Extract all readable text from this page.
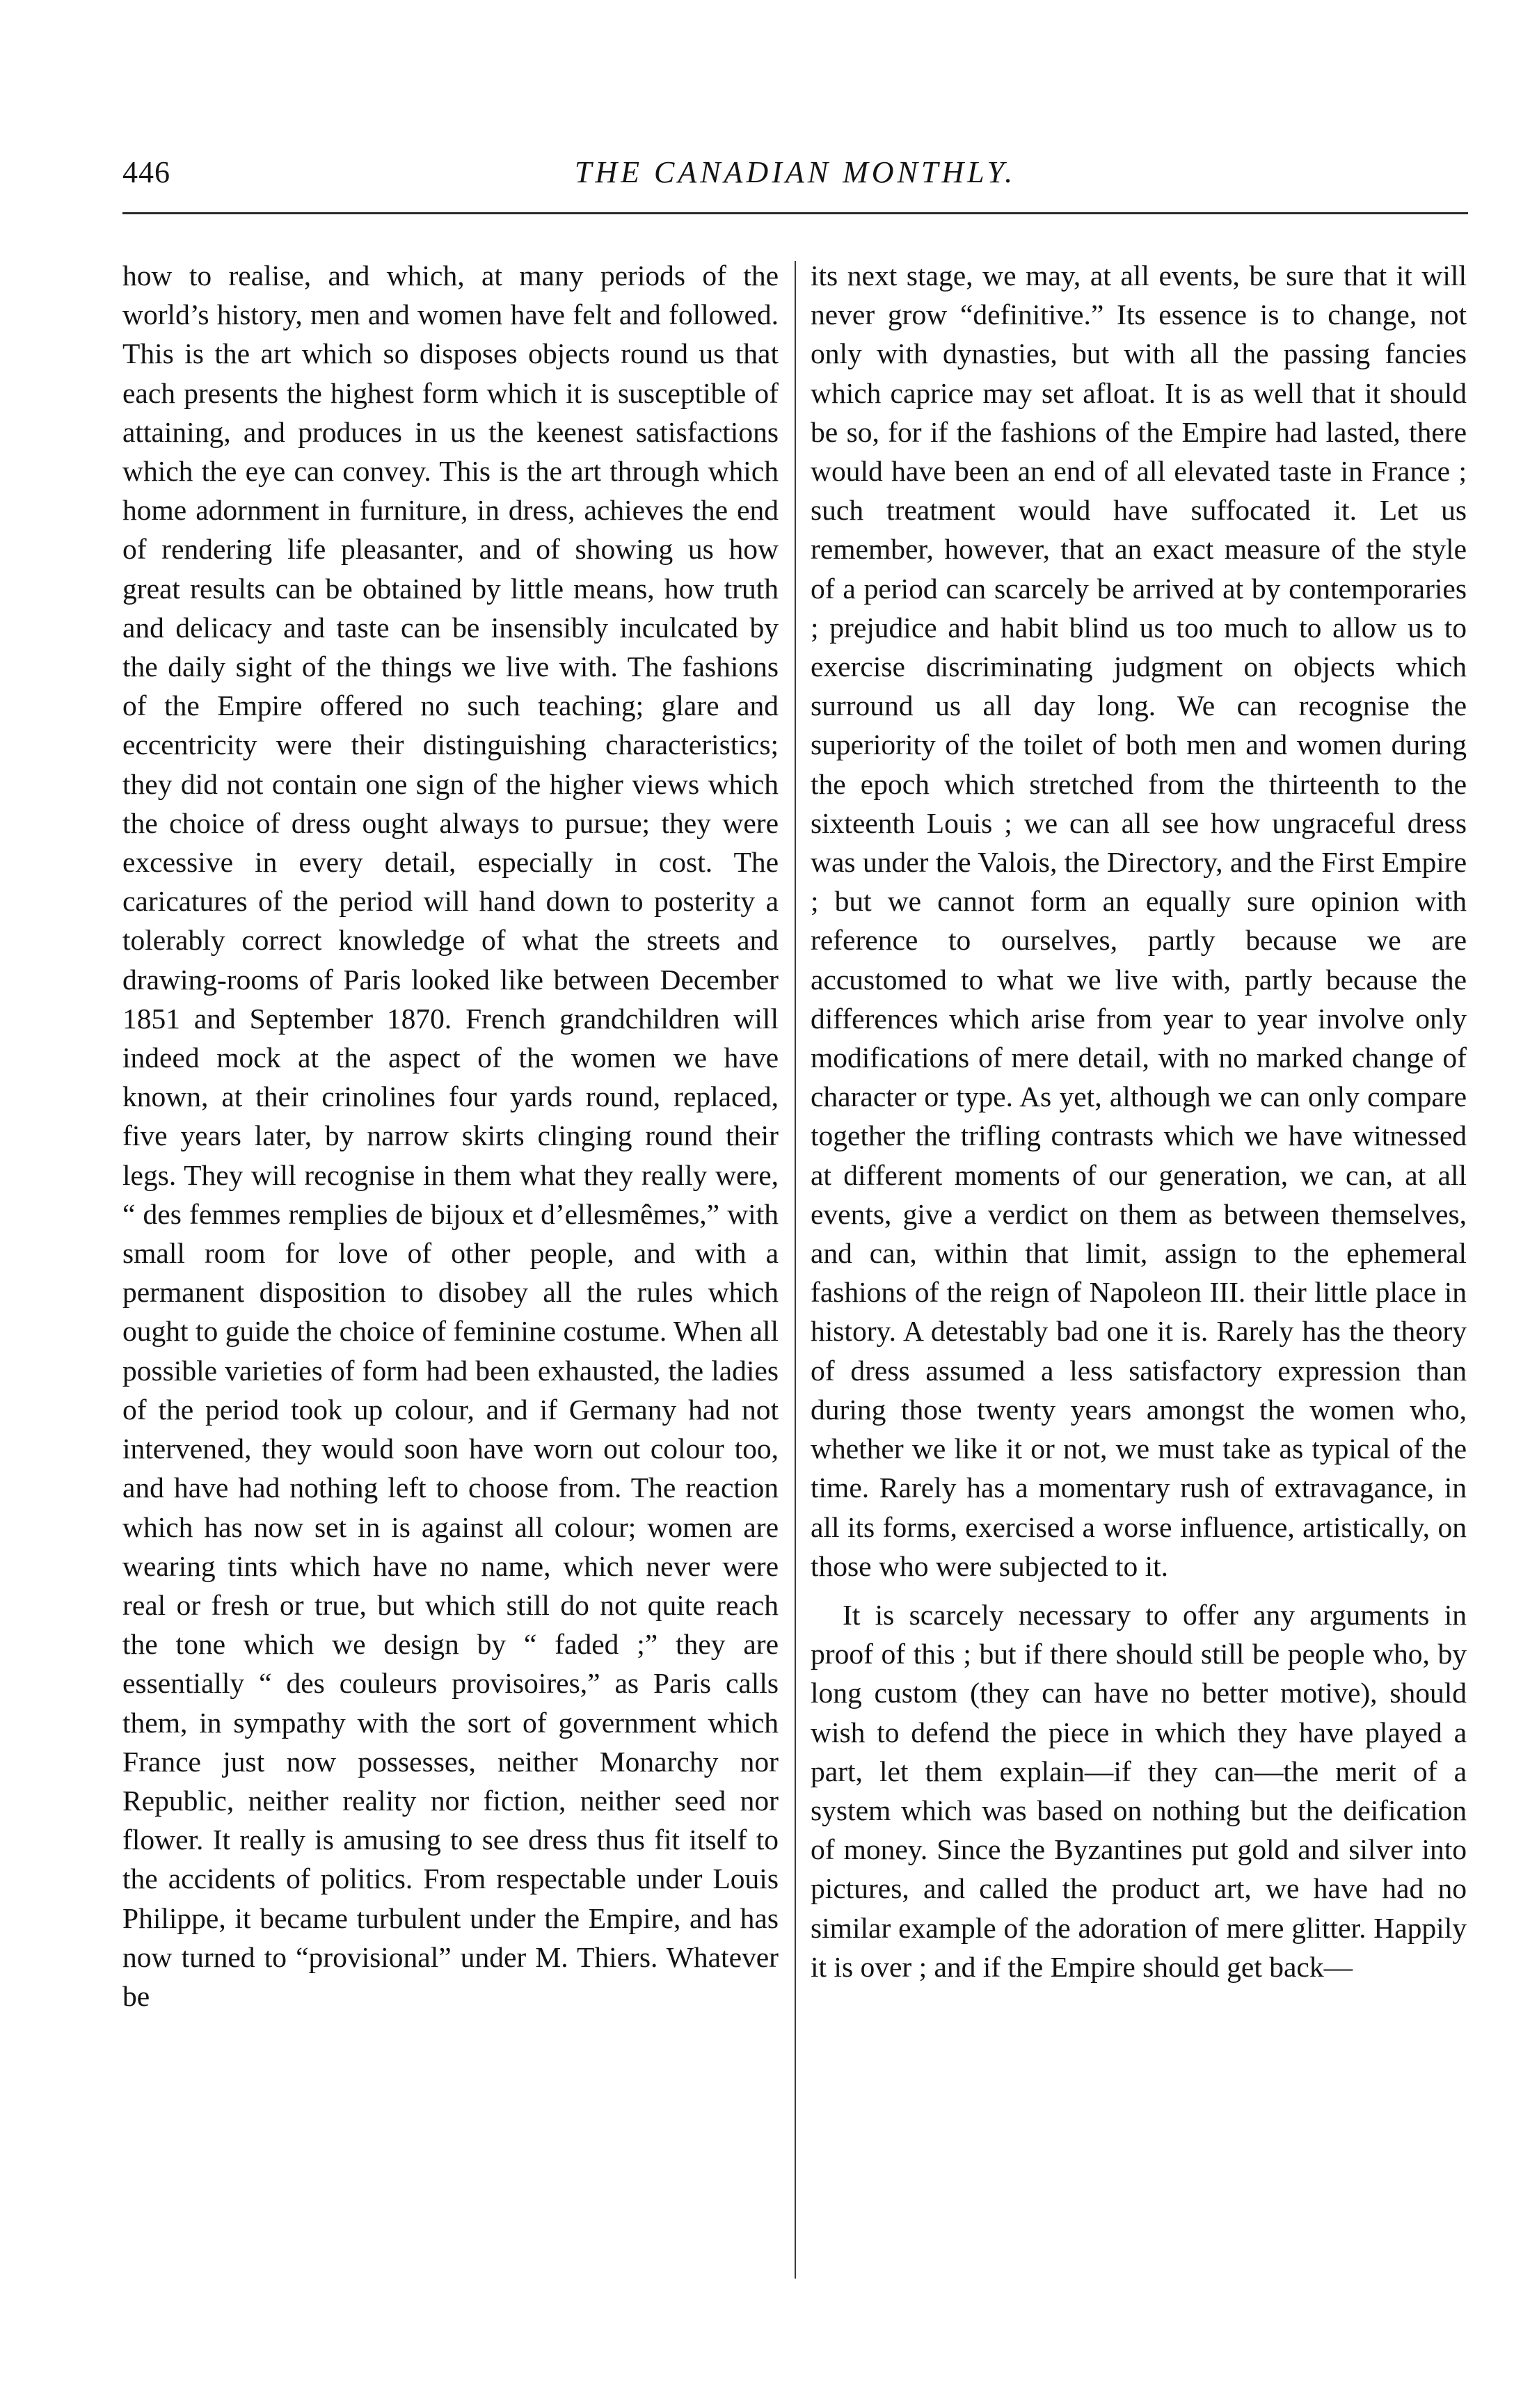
446	THE CANADIAN MONTHLY.

how to realise, and which, at many periods of the world’s history, men and women have felt and followed. This is the art which so disposes objects round us that each presents the highest form which it is susceptible of attaining, and produces in us the keenest satisfactions which the eye can convey. This is the art through which home adornment in furniture, in dress, achieves the end of rendering life pleasanter, and of showing us how great results can be obtained by little means, how truth and delicacy and taste can be insensibly inculcated by the daily sight of the things we live with. The fashions of the Empire offered no such teaching; glare and eccentricity were their distinguishing characteristics; they did not contain one sign of the higher views which the choice of dress ought always to pursue; they were excessive in every detail, especially in cost. The caricatures of the period will hand down to posterity a tolerably correct knowledge of what the streets and drawing-rooms of Paris looked like between December 1851 and September 1870. French grandchildren will indeed mock at the aspect of the women we have known, at their crinolines four yards round, replaced, five years later, by narrow skirts clinging round their legs. They will recognise in them what they really were, “ des femmes remplies de bijoux et d’ellesmêmes,” with small room for love of other people, and with a permanent disposition to disobey all the rules which ought to guide the choice of feminine costume. When all possible varieties of form had been exhausted, the ladies of the period took up colour, and if Germany had not intervened, they would soon have worn out colour too, and have had nothing left to choose from. The reaction which has now set in is against all colour; women are wearing tints which have no name, which never were real or fresh or true, but which still do not quite reach the tone which we design by “ faded ;” they are essentially “ des couleurs provisoires,” as Paris calls them, in sympathy with the sort of government which France just now possesses, neither Monarchy nor Republic, neither reality nor fiction, neither seed nor flower. It really is amusing to see dress thus fit itself to the accidents of politics. From respectable under Louis Philippe, it became turbulent under the Empire, and has now turned to “provisional” under M. Thiers. Whatever be

its next stage, we may, at all events, be sure that it will never grow “definitive.” Its essence is to change, not only with dynasties, but with all the passing fancies which caprice may set afloat. It is as well that it should be so, for if the fashions of the Empire had lasted, there would have been an end of all elevated taste in France ; such treatment would have suffocated it. Let us remember, however, that an exact measure of the style of a period can scarcely be arrived at by contemporaries ; prejudice and habit blind us too much to allow us to exercise discriminating judgment on objects which surround us all day long. We can recognise the superiority of the toilet of both men and women during the epoch which stretched from the thirteenth to the sixteenth Louis ; we can all see how ungraceful dress was under the Valois, the Directory, and the First Empire ; but we cannot form an equally sure opinion with reference to ourselves, partly because we are accustomed to what we live with, partly because the differences which arise from year to year involve only modifications of mere detail, with no marked change of character or type. As yet, although we can only compare together the trifling contrasts which we have witnessed at different moments of our generation, we can, at all events, give a verdict on them as between themselves, and can, within that limit, assign to the ephemeral fashions of the reign of Napoleon III. their little place in history. A detestably bad one it is. Rarely has the theory of dress assumed a less satisfactory expression than during those twenty years amongst the women who, whether we like it or not, we must take as typical of the time. Rarely has a momentary rush of extravagance, in all its forms, exercised a worse influence, artistically, on those who were subjected to it.

It is scarcely necessary to offer any arguments in proof of this ; but if there should still be people who, by long custom (they can have no better motive), should wish to defend the piece in which they have played a part, let them explain—if they can—the merit of a system which was based on nothing but the deification of money. Since the Byzantines put gold and silver into pictures, and called the product art, we have had no similar example of the adoration of mere glitter. Happily it is over ; and if the Empire should get back—
